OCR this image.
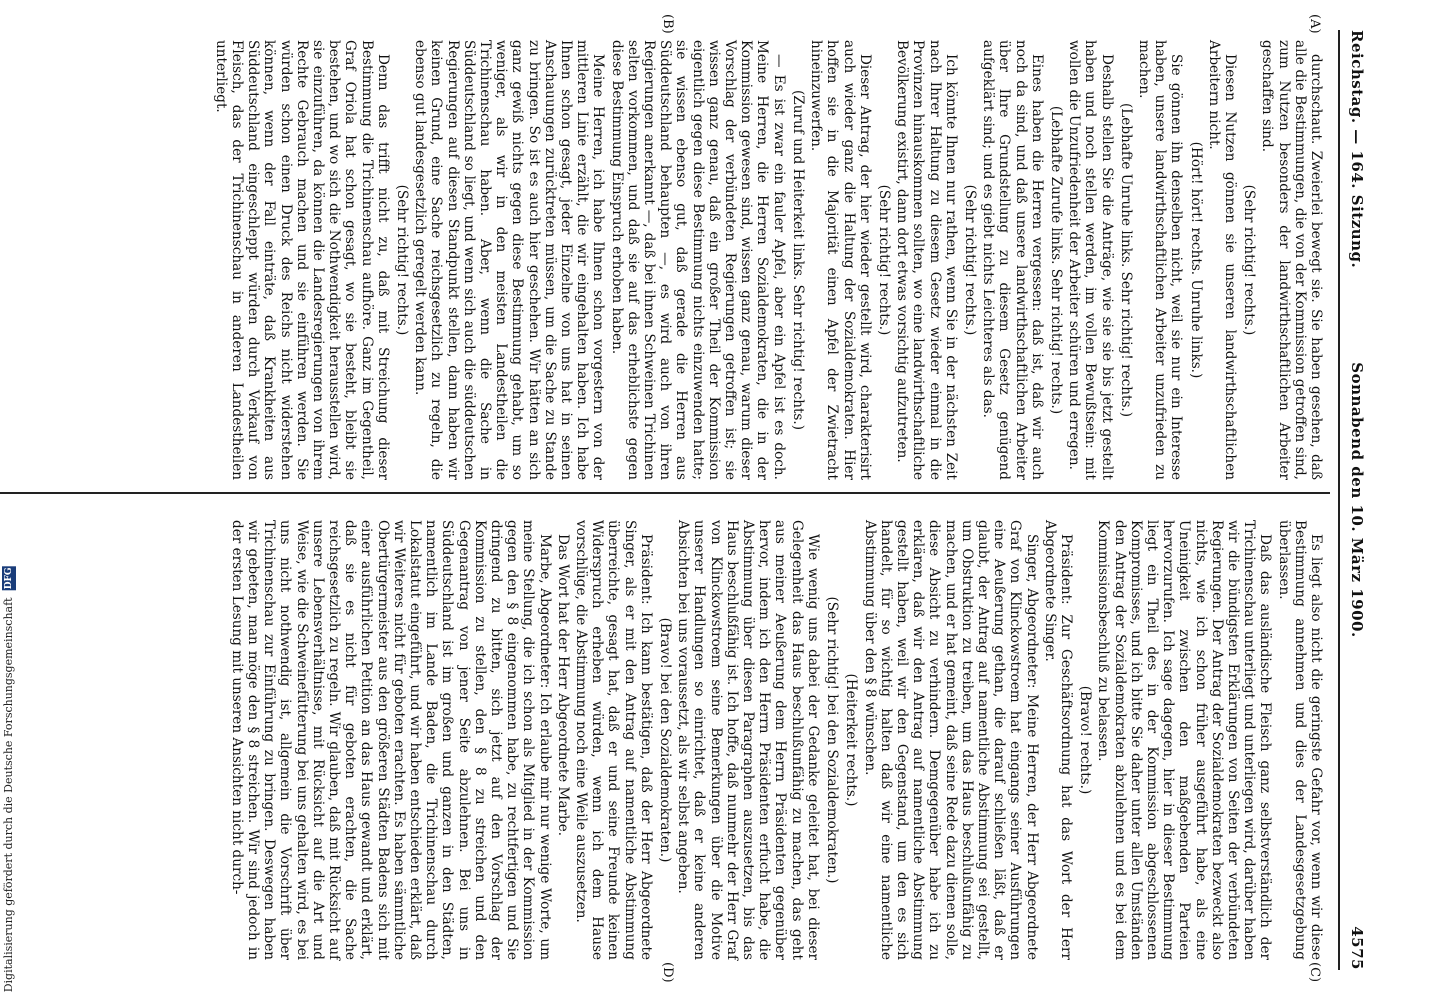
Reichstag. — 164. Sitzung.
Sonnabend den 10. März 1900.
4575
(A)
(B)
(C)
(D)

durchschaut. Zweierlei bewegt sie. Sie haben gesehen, daß alle die Bestimmungen, die von der Kommission getroffen sind, zum Nutzen besonders der landwirthschaftlichen Arbeiter geschaffen sind.

(Sehr richtig! rechts.)

Diesen Nutzen gönnen sie unseren landwirthschaftlichen Arbeitern nicht.

(Hört! hört! rechts. Unruhe links.)

Sie gönnen ihn denselben nicht, weil sie nur ein Interesse haben, unsere landwirthschaftlichen Arbeiter unzufrieden zu machen.

(Lebhafte Unruhe links. Sehr richtig! rechts.)

Deshalb stellen Sie die Anträge, wie sie sie bis jetzt gestellt haben und noch stellen werden, im vollen Bewußtsein: mit wollen die Unzufriedenheit der Arbeiter schüren und erregen.

(Lebhafte Zurufe links. Sehr richtig! rechts.)

Eines haben die Herren vergessen: daß ist, daß wir auch noch da sind, und daß unsere landwirthschaftlichen Arbeiter über Ihre Grundstellung zu diesem Gesetz genügend aufgeklärt sind; und es giebt nichts Leichteres als das.

(Sehr richtig! rechts.)

Ich könnte Ihnen nur rathen, wenn Sie in der nächsten Zeit nach Ihrer Haltung zu diesem Gesetz wieder einmal in die Provinzen hinauskommen sollten, wo eine landwirthschaftliche Bevölkerung existirt, dann dort etwas vorsichtig aufzutreten.

(Sehr richtig! rechts.)

Dieser Antrag, der hier wieder gestellt wird, charakterisirt auch wieder ganz die Haltung der Sozialdemokraten. Hier hoffen sie in die Majorität einen Apfel der Zwietracht hineinzuwerfen.

(Zuruf und Heiterkeit links. Sehr richtig! rechts.)

— Es ist zwar ein fauler Apfel, aber ein Apfel ist es doch. Meine Herren, die Herren Sozialdemokraten, die in der Kommission gewesen sind, wissen ganz genau, warum dieser Vorschlag der verbündeten Regierungen getroffen ist; sie wissen ganz genau, daß ein großer Theil der Kommission eigentlich gegen diese Bestimmung nichts einzuwenden hatte; sie wissen ebenso gut, daß gerade die Herren aus Süddeutschland behaupten —, es wird auch von ihren Regierungen anerkannt —, daß bei ihnen Schweinen Trichinen selten vorkommen, und daß sie auf das erheblichste gegen diese Bestimmung Einspruch erhoben haben.

Meine Herren, ich habe Ihnen schon vorgestern von der mittleren Linie erzählt, die wir eingehalten haben. Ich habe Ihnen schon gesagt, jeder Einzelne von uns hat in seinen Anschauungen zurücktreten müssen, um die Sache zu Stande zu bringen. So ist es auch hier geschehen. Wir hätten an sich ganz gewiß nichts gegen diese Bestimmung gehabt, um so weniger, als wir in den meisten Landestheilen die Trichinenschau haben. Aber, wenn die Sache in Süddeutschland so liegt, und wenn sich auch die süddeutschen Regierungen auf diesen Standpunkt stellen, dann haben wir keinen Grund, eine Sache reichsgesetzlich zu regeln, die ebenso gut landesgesetzlich geregelt werden kann.

(Sehr richtig! rechts.)

Denn das trifft nicht zu, daß mit Streichung dieser Bestimmung die Trichinenschau aufhöre. Ganz im Gegentheil, Graf Oriola hat schon gesagt, wo sie besteht, bleibt sie bestehen, und wo sich die Nothwendigkeit herausstellen wird, sie einzuführen, da können die Landesregierungen von ihrem Rechte Gebrauch machen und sie einführen werden. Sie würden schon einen Druck des Reichs nicht widerstehen können, wenn der Fall einträte, daß Krankheiten aus Süddeutschland eingeschleppt würden durch Verkauf von Fleisch, das der Trichinenschau in anderen Landestheilen unterliegt.

Es liegt also nicht die geringste Gefahr vor, wenn wir diese Bestimmung annehmen und dies der Landesgesetzgebung überlassen.

Daß das ausländische Fleisch ganz selbstverständlich der Trichinenschau unterliegt und unterliegen wird, darüber haben wir die bündigsten Erklärungen von Seiten der verbündeten Regierungen. Der Antrag der Sozialdemokraten bezweckt also nichts, wie ich schon früher ausgeführt habe, als eine Uneinigkeit zwischen den maßgebenden Parteien hervorzurufen. Ich sage dagegen, hier in dieser Bestimmung liegt ein Theil des in der Kommission abgeschlossenen Kompromisses, und ich bitte Sie daher unter allen Umständen den Antrag der Sozialdemokraten abzulehnen und es bei dem Kommissionsbeschluß zu belassen.

(Bravo! rechts.)

Präsident: Zur Geschäftsordnung hat das Wort der Herr Abgeordnete Singer.

Singer, Abgeordneter: Meine Herren, der Herr Abgeordnete Graf von Klinckowstroem hat eingangs seiner Ausführungen eine Aeußerung gethan, die darauf schließen läßt, daß er glaubt, der Antrag auf namentliche Abstimmung sei gestellt, um Obstruktion zu treiben, um das Haus beschlußunfähig zu machen, und er hat gemeint, daß seine Rede dazu dienen solle, diese Absicht zu verhindern. Demgegenüber habe ich zu erklären, daß wir den Antrag auf namentliche Abstimmung gestellt haben, weil wir den Gegenstand, um den es sich handelt, für so wichtig halten daß wir eine namentliche Abstimmung über den § 8 wünschen.

(Heiterkeit rechts.)

(Sehr richtig! bei den Sozialdemokraten.)

Wie wenig uns dabei der Gedanke geleitet hat, bei dieser Gelegenheit das Haus beschlußunfähig zu machen, das geht aus meiner Aeußerung dem Herrn Präsidenten gegenüber hervor, indem ich den Herrn Präsidenten erfucht habe, die Abstimmung über diesen Paragraphen auszusetzen, bis das Haus beschlußfähig ist. Ich hoffe, daß nunmehr der Herr Graf von Klinckowstroem seine Bemerkungen über die Motive unserer Handlungen so einrichtet, daß er keine anderen Absichten bei uns voraussetzt, als wir selbst angeben.

(Bravo! bei den Sozialdemokraten.)

Präsident: Ich kann bestätigen, daß der Herr Abgeordnete Singer, als er mit den Antrag auf namentliche Abstimmung überreichte, gesagt hat, daß er und seine Freunde keinen Widerspruch erheben würden, wenn ich dem Hause vorschlüge, die Abstimmung noch eine Weile auszusetzen.

Das Wort hat der Herr Abgeordnete Marbe.

Marbe, Abgeordneter: Ich erlaube mir nur wenige Worte, um meine Stellung, die ich schon als Mitglied in der Kommission gegen den § 8 eingenommen habe, zu rechtfertigen und Sie dringend zu bitten, sich jetzt auf den Vorschlag der Kommission zu stellen, den § 8 zu streichen und den Gegenantrag von jener Seite abzulehnen. Bei uns in Süddeutschland ist im großen und ganzen in den Städten, namentlich im Lande Baden, die Trichinenschau durch Lokalstatut eingeführt, und wir haben entschieden erklärt, daß wir Weiteres nicht für geboten erachten. Es haben sämmtliche Obertürgermeister aus den größeren Städten Badens sich mit einer ausführlichen Petition an das Haus gewandt und erklärt, daß sie es nicht für geboten erachten, die Sache reichsgesetzlich zu regeln. Wir glauben, daß mit Rücksicht auf unsere Lebensverhältnisse, mit Rücksicht auf die Art und Weise, wie die Schweinefütterung bei uns gehalten wird, es bei uns nicht nothwendig ist, allgemein die Vorschrift über Trichinenschau zur Einführung zu bringen. Deswegen haben wir gebeten, man möge den § 8 streichen. Wir sind jedoch in der ersten Lesung mit unseren Ansichten nicht durch-

Digitalisierung gefördert durch die Deutsche Forschungsgemeinschaft DFG
